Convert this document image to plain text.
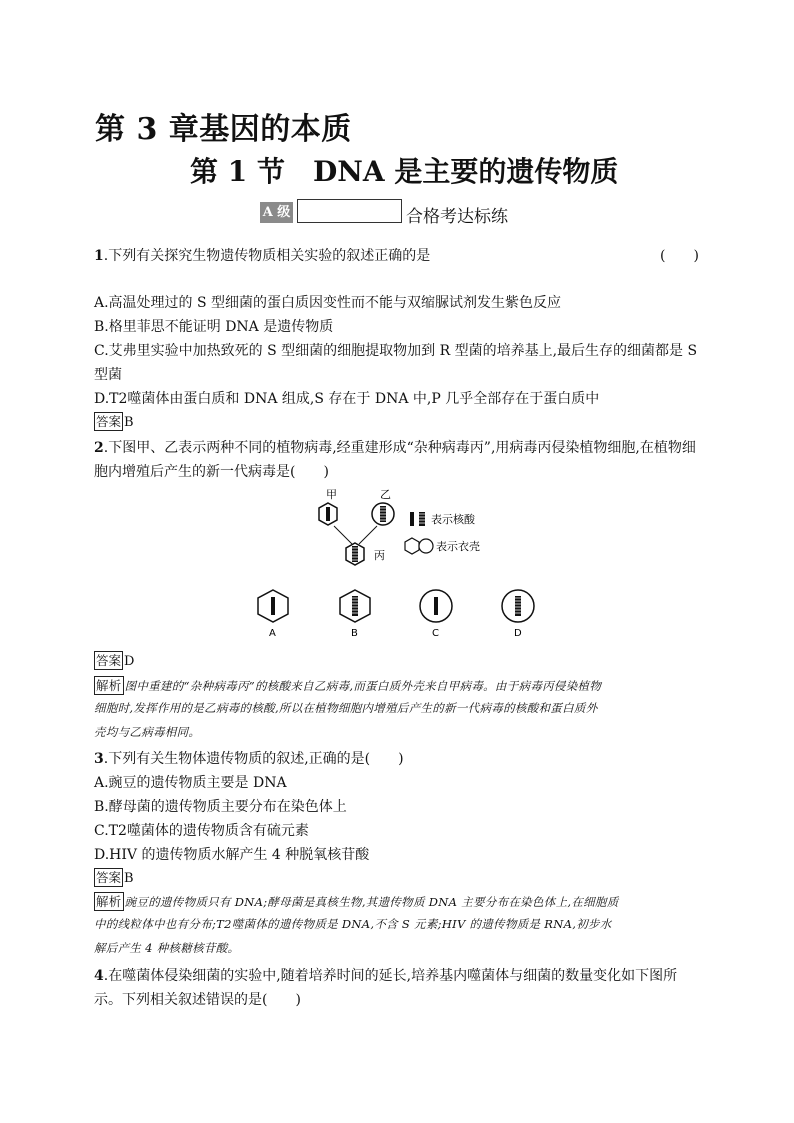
第 3 章基因的本质
第 1 节　DNA 是主要的遗传物质
A 级	合格考达标练
1.下列有关探究生物遗传物质相关实验的叙述正确的是	(　　)
A.高温处理过的 S 型细菌的蛋白质因变性而不能与双缩脲试剂发生紫色反应
B.格里菲思不能证明 DNA 是遗传物质
C.艾弗里实验中加热致死的 S 型细菌的细胞提取物加到 R 型菌的培养基上,最后生存的细菌都是 S
型菌
D.T2噬菌体由蛋白质和 DNA 组成,S 存在于 DNA 中,P 几乎全部存在于蛋白质中
答案 B
2.下图甲、乙表示两种不同的植物病毒,经重建形成“杂种病毒丙”,用病毒丙侵染植物细胞,在植物细
胞内增殖后产生的新一代病毒是(　　)
甲	乙
丙
表示核酸
表示衣壳
A	B	C	D
答案 D
解析 图中重建的“杂种病毒丙”的核酸来自乙病毒,而蛋白质外壳来自甲病毒。由于病毒丙侵染植物
细胞时,发挥作用的是乙病毒的核酸,所以在植物细胞内增殖后产生的新一代病毒的核酸和蛋白质外
壳均与乙病毒相同。
3.下列有关生物体遗传物质的叙述,正确的是(　　)
A.豌豆的遗传物质主要是 DNA
B.酵母菌的遗传物质主要分布在染色体上
C.T2噬菌体的遗传物质含有硫元素
D.HIV 的遗传物质水解产生 4 种脱氧核苷酸
答案 B
解析 豌豆的遗传物质只有 DNA;酵母菌是真核生物,其遗传物质 DNA 主要分布在染色体上,在细胞质
中的线粒体中也有分布;T2噬菌体的遗传物质是 DNA,不含 S 元素;HIV 的遗传物质是 RNA,初步水
解后产生 4 种核糖核苷酸。
4.在噬菌体侵染细菌的实验中,随着培养时间的延长,培养基内噬菌体与细菌的数量变化如下图所
示。下列相关叙述错误的是(　　)
